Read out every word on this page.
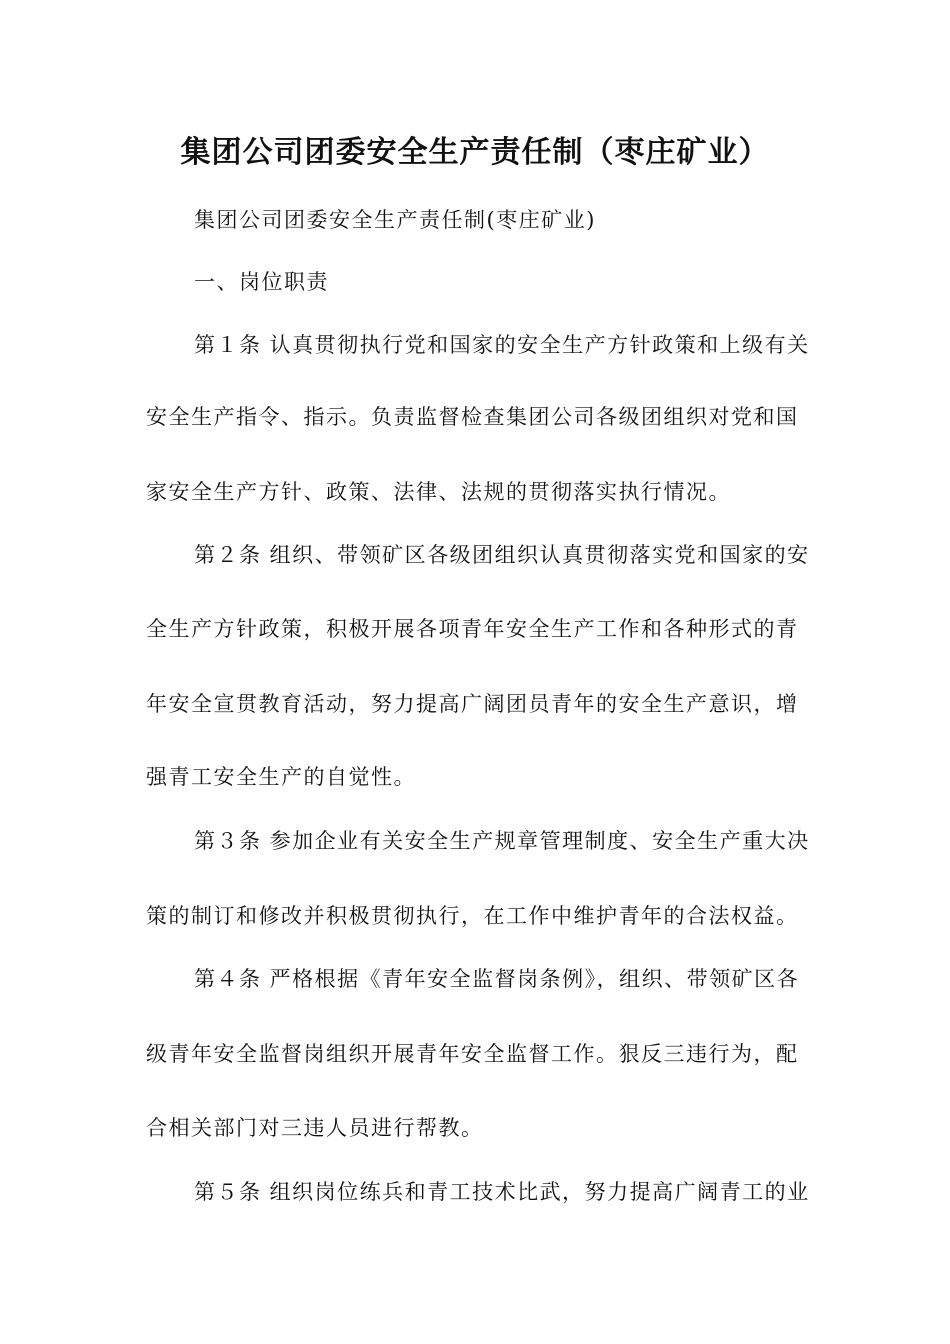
集团公司团委安全生产责任制（枣庄矿业）
集团公司团委安全生产责任制(枣庄矿业)
一、岗位职责
第１条 认真贯彻执行党和国家的安全生产方针政策和上级有关
安全生产指令、指示。负责监督检查集团公司各级团组织对党和国
家安全生产方针、政策、法律、法规的贯彻落实执行情况。
第２条 组织、带领矿区各级团组织认真贯彻落实党和国家的安
全生产方针政策，积极开展各项青年安全生产工作和各种形式的青
年安全宣贯教育活动，努力提高广阔团员青年的安全生产意识，增
强青工安全生产的自觉性。
第３条 参加企业有关安全生产规章管理制度、安全生产重大决
策的制订和修改并积极贯彻执行，在工作中维护青年的合法权益。
第４条 严格根据《青年安全监督岗条例》，组织、带领矿区各
级青年安全监督岗组织开展青年安全监督工作。狠反三违行为，配
合相关部门对三违人员进行帮教。
第５条 组织岗位练兵和青工技术比武，努力提高广阔青工的业
